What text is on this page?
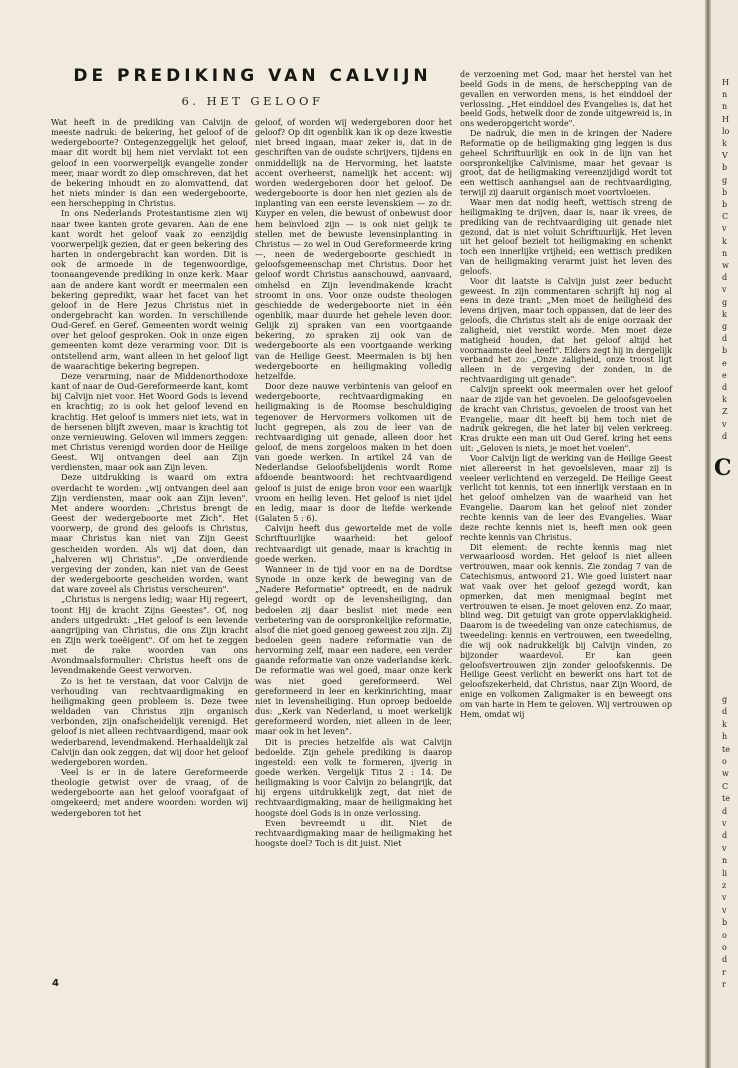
DE PREDIKING VAN CALVIJN
6. HET GELOOF

Wat heeft in de prediking van Calvijn de meeste nadruk: de bekering, het geloof of de wedergeboorte? Ontegenzeggelijk het geloof, maar dit wordt bij hem niet vervlakt tot een geloof in een voorwerpelijk evangelie zonder meer, maar wordt zo diep omschreven, dat het de bekering inhoudt en zo alomvattend, dat het niets minder is dan een wedergeboorte, een herschepping in Christus.

In ons Nederlands Protestantisme zien wij naar twee kanten grote gevaren. Aan de ene kant wordt het geloof vaak zo eenzijdig voorwerpelijk gezien, dat er geen bekering des harten in ondergebracht kan worden. Dit is ook de armoede in de tegenwoordige, toonaangevende prediking in onze kerk. Maar aan de andere kant wordt er meermalen een bekering gepredikt, waar het facet van het geloof in de Here Jezus Christus niet in ondergebracht kan worden. In verschillende Oud-Geref. en Geref. Gemeenten wordt weinig over het geloof gesproken. Ook in onze eigen gemeenten komt deze verarming voor. Dit is ontstellend arm, want alleen in het geloof ligt de waarachtige bekering begrepen.

Deze verarming, naar de Middenorthodoxe kant of naar de Oud-Gereformeerde kant, komt bij Calvijn niet voor. Het Woord Gods is levend en krachtig; zo is ook het geloof levend en krachtig. Het geloof is immers niet iets, wat in de hersenen blijft zweven, maar is krachtig tot onze vernieuwing. Geloven wil immers zeggen: met Christus verenigd worden door de Heilige Geest. Wij ontvangen deel aan Zijn verdiensten, maar ook aan Zijn leven.

Deze uitdrukking is waard om extra overdacht te worden: „wij ontvangen deel aan Zijn verdiensten, maar ook aan Zijn leven". Met andere woorden: „Christus brengt de Geest der wedergeboorte met Zich". Het voorwerp, de grond des geloofs is Christus, maar Christus kan niet van Zijn Geest gescheiden worden. Als wij dat doen, dan „halveren wij Christus". „De onverdiende vergeving der zonden, kan niet van de Geest der wedergeboorte gescheiden worden, want dat ware zoveel als Christus verscheuren".

„Christus is nergens ledig; waar Hij regeert, toont Hij de kracht Zijns Geestes". Of, nog anders uitgedrukt: „Het geloof is een levende aangrijping van Christus, die ons Zijn kracht en Zijn werk toeëigent". Of om het te zeggen met de rake woorden van ons Avondmaalsformulier: Christus heeft ons de levendmakende Geest verworven.

Zo is het te verstaan, dat voor Calvijn de verhouding van rechtvaardigmaking en heiligmaking geen probleem is. Deze twee weldaden van Christus zijn organisch verbonden, zijn onafscheidelijk verenigd. Het geloof is niet alleen rechtvaardigend, maar ook wederbarend, levendmakend. Herhaaldelijk zal Calvijn dan ook zeggen, dat wij door het geloof wedergeboren worden.

Veel is er in de latere Gereformeerde theologie getwist over de vraag, of de wedergeboorte aan het geloof voorafgaat of omgekeerd; met andere woorden: worden wij wedergeboren tot het

geloof, of worden wij wedergeboren door het geloof? Op dit ogenblik kan ik op deze kwestie niet breed ingaan, maar zeker is, dat in de geschriften van de oudste schrijvers, tijdens en onmiddellijk na de Hervorming, het laatste accent overheerst, namelijk het accent: wij worden wedergeboren door het geloof. De wedergeboorte is door hen niet gezien als de inplanting van een eerste levenskiem — zo dr. Kuyper en velen, die bewust of onbewust door hem beïnvloed zijn — is ook niet gelijk te stellen met de bewuste levensinplanting in Christus — zo wel in Oud Gereformeerde kring —, neen de wedergeboorte geschiedt in geloofsgemeenschap met Christus. Door het geloof wordt Christus aanschouwd, aanvaard, omhelsd en Zijn levendmakende kracht stroomt in ons. Voor onze oudste theologen geschiedde de wedergeboorte niet in één ogenblik, maar duurde het gehele leven door. Gelijk zij spraken van een voortgaande bekering, zo spraken zij ook van de wedergeboorte als een voortgaande werking van de Heilige Geest. Meermalen is bij hen wedergeboorte en heiligmaking volledig hetzelfde.

Door deze nauwe verbintenis van geloof en wedergeboorte, rechtvaardigmaking en heiligmaking is de Roomse beschuldiging tegenover de Hervormers volkomen uit de lucht gegrepen, als zou de leer van de rechtvaardiging uit genade, alleen door het geloof, de mens zorgeloos maken in het doen van goede werken. In artikel 24 van de Nederlandse Geloofsbelijdenis wordt Rome afdoende beantwoord: het rechtvaardigend geloof is juist de enige bron voor een waarlijk vroom en heilig leven. Het geloof is niet ijdel en ledig, maar is door de liefde werkende (Galaten 5 : 6).

Calvijn heeft dus gewortelde met de volle Schriftuurlijke waarheid: het geloof rechtvaardigt uit genade, maar is krachtig in goede werken.

Wanneer in de tijd voor en na de Dordtse Synode in onze kerk de beweging van de „Nadere Reformatie" optreedt, en de nadruk gelegd wordt op de levensheiliging, dan bedoelen zij daar beslist niet mede een verbetering van de oorspronkelijke reformatie, alsof die niet goed genoeg geweest zou zijn. Zij bedoelen geen nadere reformatie van de hervorming zelf, maar een nadere, een verder gaande reformatie van onze vaderlandse kerk. De reformatie was wel goed, maar onze kerk was niet goed gereformeerd. Wel gereformeerd in leer en kerkinrichting, maar niet in levensheiliging. Hun oproep bedoelde dus: „Kerk van Nederland, u moet werkelijk gereformeerd worden, niet alleen in de leer, maar ook in het leven".

Dit is precies hetzelfde als wat Calvijn bedoelde. Zijn gehele prediking is daarop ingesteld: een volk te formeren, ijverig in goede werken. Vergelijk Titus 2 : 14. De heiligmaking is voor Calvijn zo belangrijk, dat hij ergens uitdrukkelijk zegt, dat niet de rechtvaardigmaking, maar de heiligmaking het hoogste doel Gods is in onze verlossing.

Even bevreemdt u dit. Niet de rechtvaardigmaking maar de heiligmaking het hoogste doel? Toch is dit juist. Niet

de verzoening met God, maar het herstel van het beeld Gods in de mens, de herschepping van de gevallen en verworden mens, is het einddoel der verlossing. „Het einddoel des Evangelies is, dat het beeld Gods, hetwelk door de zonde uitgewreid is, in ons wederopgericht worde".

De nadruk, die men in de kringen der Nadere Reformatie op de heiligmaking ging leggen is dus geheel Schriftuurlijk en ook in de lijn van het oorspronkelijke Calvinisme, maar het gevaar is groot, dat de heiligmaking vereenzijdigd wordt tot een wettisch aanhangsel aan de rechtvaardiging, terwijl zij daaruit organisch moet voortvloeien.

Waar men dat nodig heeft, wettisch streng de heiligmaking te drijven, daar is, naar ik vrees, de prediking van de rechtvaardiging uit genade niet gezond, dat is niet voluit Schriftuurlijk. Het leven uit het geloof bezielt tot heiligmaking en schenkt toch een innerlijke vrijheid; een wettisch prediken van de heiligmaking verarmt juist het leven des geloofs.

Voor dit laatste is Calvijn juist zeer beducht geweest. In zijn commentaren schrijft hij nog al eens in deze trant: „Men moet de heiligheid des levens drijven, maar toch oppassen, dat de leer des geloofs, die Christus stelt als de enige oorzaak der zaligheid, niet verstikt worde. Men moet deze matigheid houden, dat het geloof altijd het voornaamste deel heeft". Elders zegt hij in dergelijk verband het zo: „Onze zaligheid, onze troost ligt alleen in de vergeving der zonden, in de rechtvaardiging uit genade".

Calvijn spreekt ook meermalen over het geloof naar de zijde van het gevoelen. De geloofsgevoelen de kracht van Christus, gevoelen de troost van het Evangelie, maar dit heeft bij hem toch niet de nadruk gekregen, die het later bij velen verkreeg. Kras drukte een man uit Oud Geref. kring het eens uit: „Geloven is niets, je moet het voelen".

Voor Calvijn ligt de werking van de Heilige Geest niet allereerst in het gevoelsleven, maar zij is veeleer verlichtend en verzegeld. De Heilige Geest verlicht tot kennis, tot een innerlijk verstaan en in het geloof omhelzen van de waarheid van het Evangelie. Daarom kan het geloof niet zonder rechte kennis van de leer des Evangelies. Waar deze rechte kennis niet is, heeft men ook geen rechte kennis van Christus.

Dit element: de rechte kennis mag niet verwaarloosd worden. Het geloof is niet alleen vertrouwen, maar ook kennis. Zie zondag 7 van de Catechismus, antwoord 21. Wie goed luistert naar wat vaak over het geloof gezegd wordt, kan opmerken, dat men menigmaal begint met vertrouwen te eisen. Je moet geloven enz. Zo maar, blind weg. Dit getuigt van grote oppervlakkigheid. Daarom is de tweedeling van onze catechismus, de tweedeling: kennis en vertrouwen, een tweedeling, die wij ook nadrukkelijk bij Calvijn vinden, zo bijzonder waardevol. Er kan geen geloofsvertrouwen zijn zonder geloofskennis. De Heilige Geest verlicht en bewerkt ons hart tot de geloofszekerheid, dat Christus, naar Zijn Woord, de enige en volkomen Zaligmaker is en beweegt ons om van harte in Hem te geloven. Wij vertrouwen op Hem, omdat wij

4
C
H
n
n
H
lo
k
V
b
g
b
b
C
v
k
n
w
d
v
g
k
g
d
b
e
e
d
k
Z
v
d
g
d
k
h
te
o
w
C
te
d
v
d
v
n
li
z
v
v
b
o
o
d
r
r
